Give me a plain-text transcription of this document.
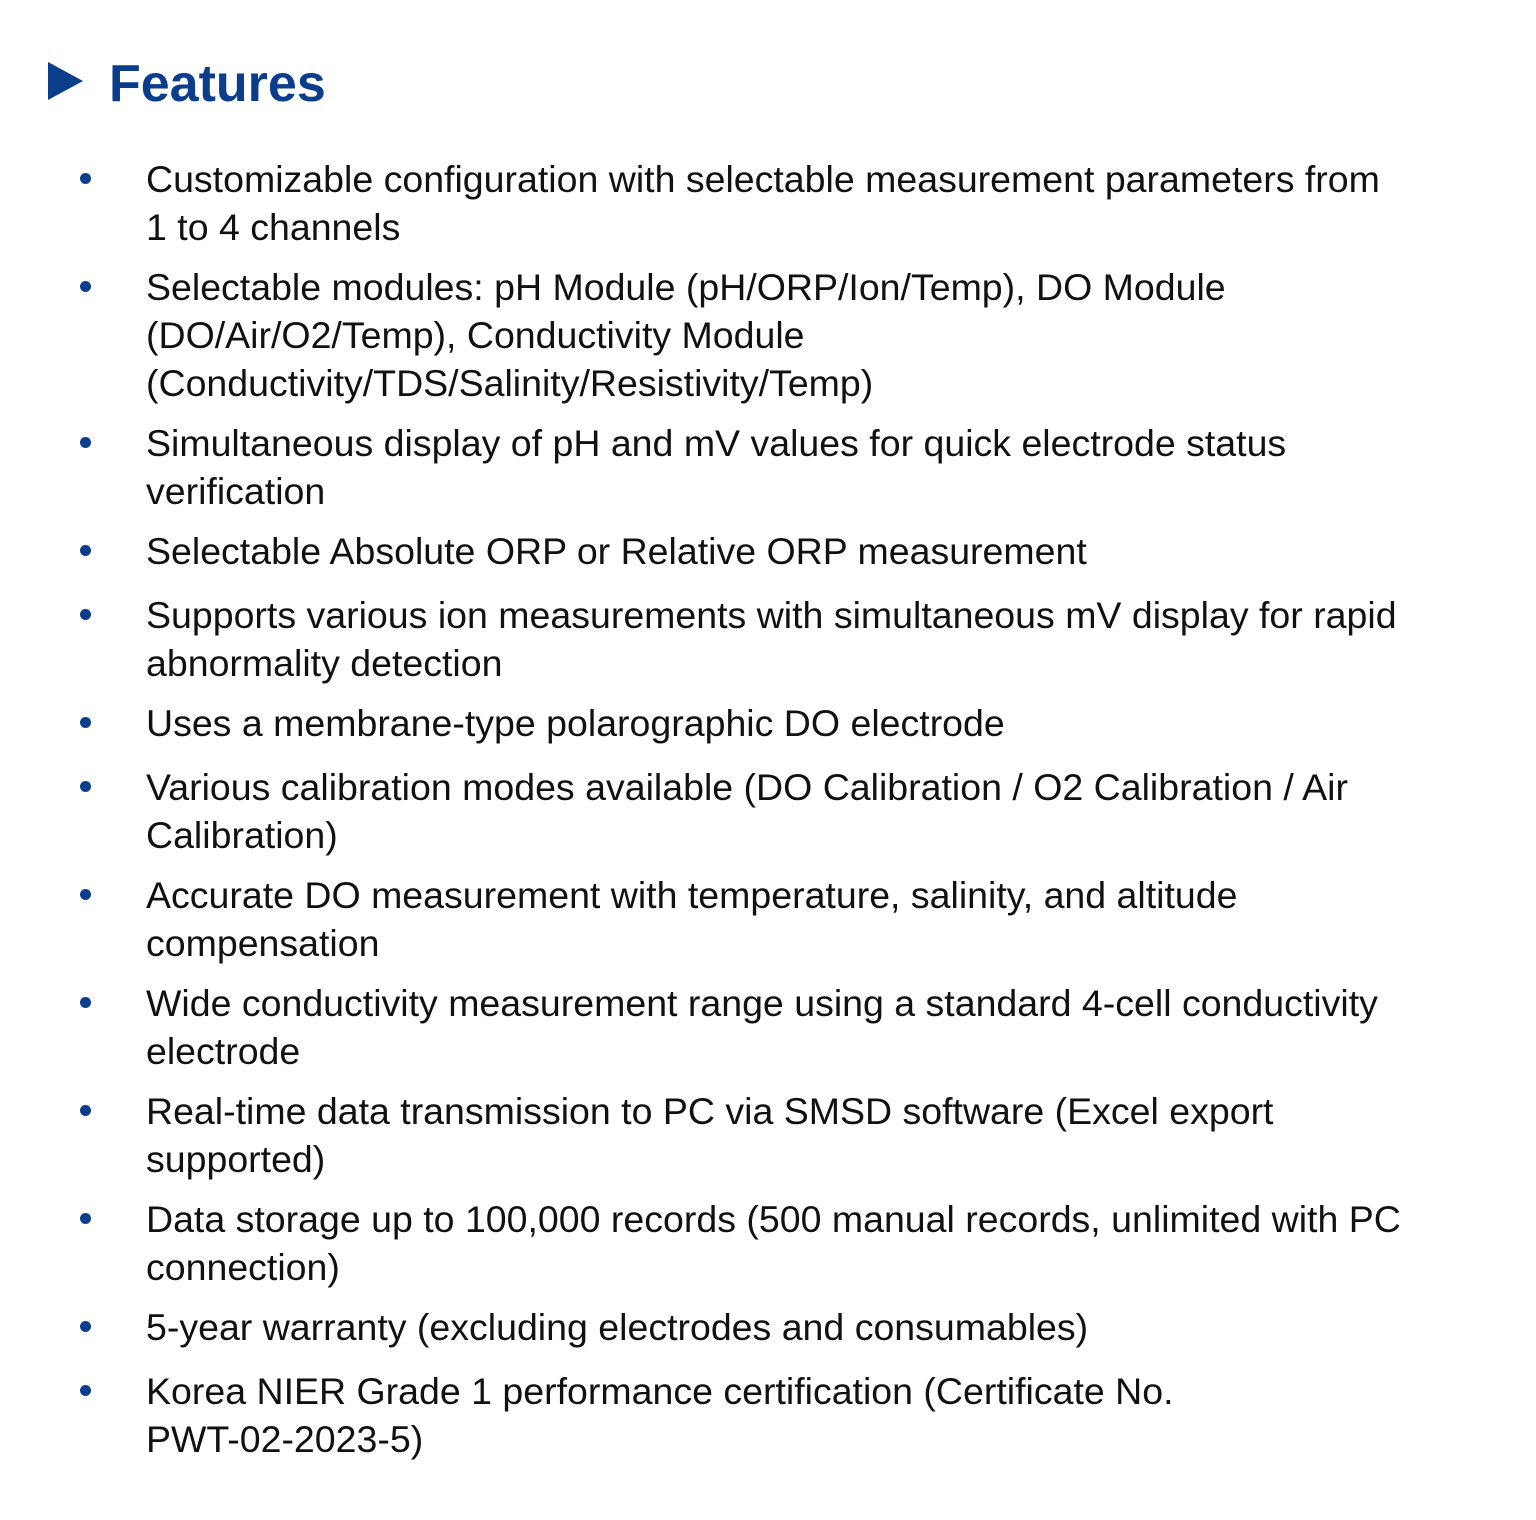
Features
Customizable configuration with selectable measurement parameters from
1 to 4 channels
Selectable modules: pH Module (pH/ORP/Ion/Temp), DO Module
(DO/Air/O2/Temp), Conductivity Module
(Conductivity/TDS/Salinity/Resistivity/Temp)
Simultaneous display of pH and mV values for quick electrode status
verification
Selectable Absolute ORP or Relative ORP measurement
Supports various ion measurements with simultaneous mV display for rapid
abnormality detection
Uses a membrane-type polarographic DO electrode
Various calibration modes available (DO Calibration / O2 Calibration / Air
Calibration)
Accurate DO measurement with temperature, salinity, and altitude
compensation
Wide conductivity measurement range using a standard 4-cell conductivity
electrode
Real-time data transmission to PC via SMSD software (Excel export
supported)
Data storage up to 100,000 records (500 manual records, unlimited with PC
connection)
5-year warranty (excluding electrodes and consumables)
Korea NIER Grade 1 performance certification (Certificate No.
PWT-02-2023-5)
